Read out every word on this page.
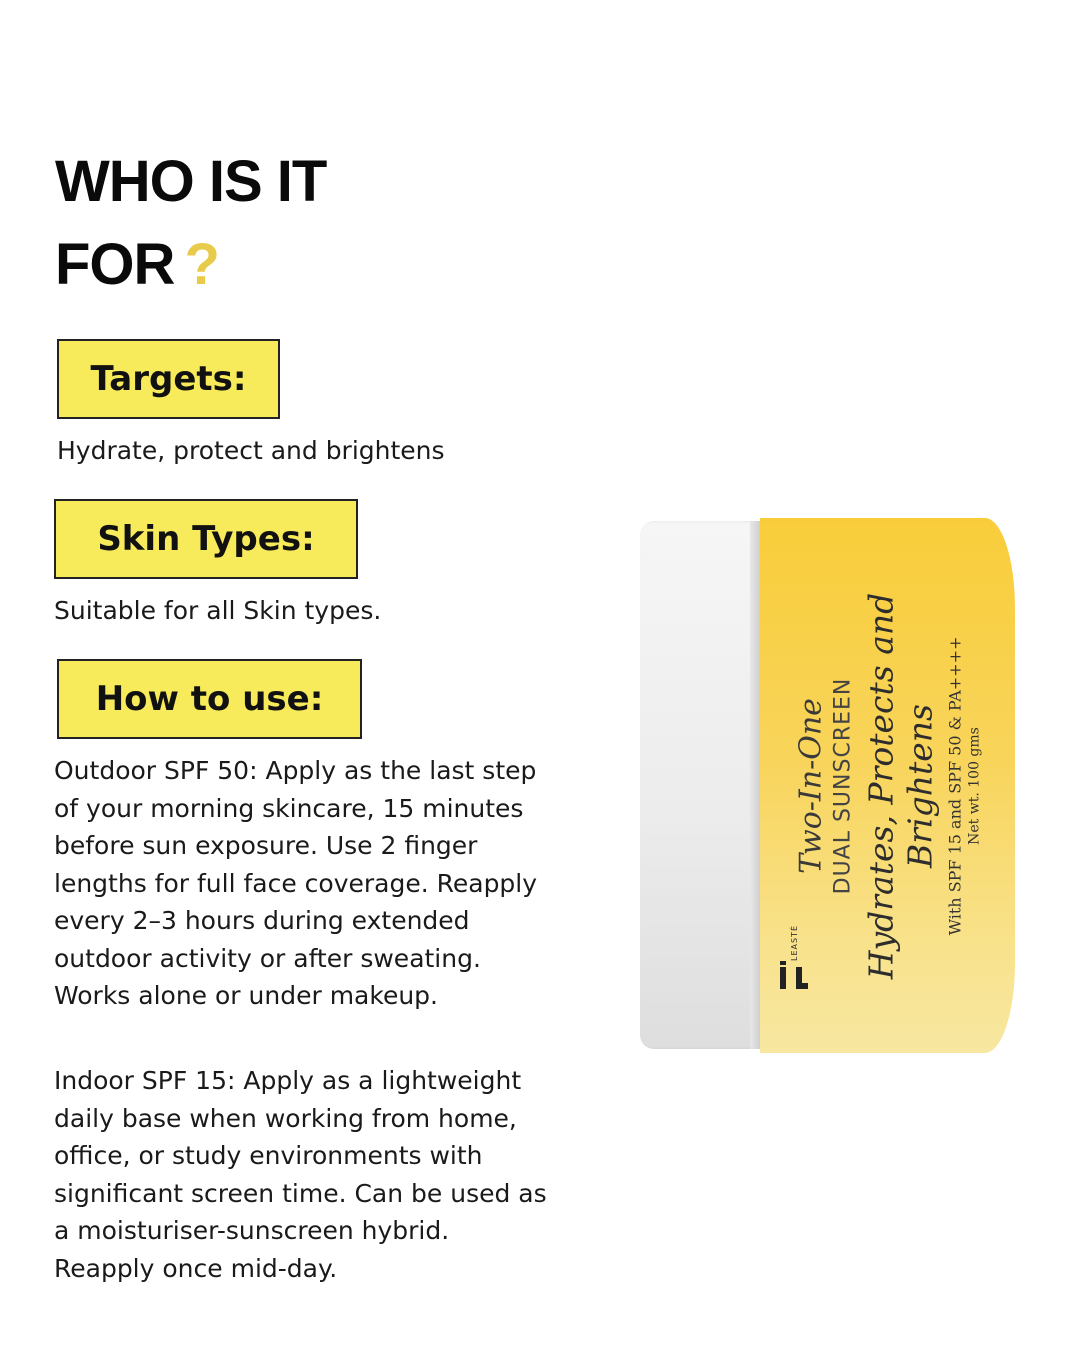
WHO IS IT
FOR ?
Targets:
Hydrate, protect and brightens
Skin Types:
Suitable for all Skin types.
How to use:
Outdoor SPF 50: Apply as the last step of your morning skincare, 15 minutes before sun exposure. Use 2 finger lengths for full face coverage. Reapply every 2–3 hours during extended outdoor activity or after sweating. Works alone or under makeup.
Indoor SPF 15: Apply as a lightweight daily base when working from home, office, or study environments with significant screen time. Can be used as a moisturiser-sunscreen hybrid. Reapply once mid-day.

Two-In-One DUAL SUNSCREEN Hydrates, Protects and Brightens With SPF 15 and SPF 50 & PA++++ Net wt. 100 gms

LEASTÉ
